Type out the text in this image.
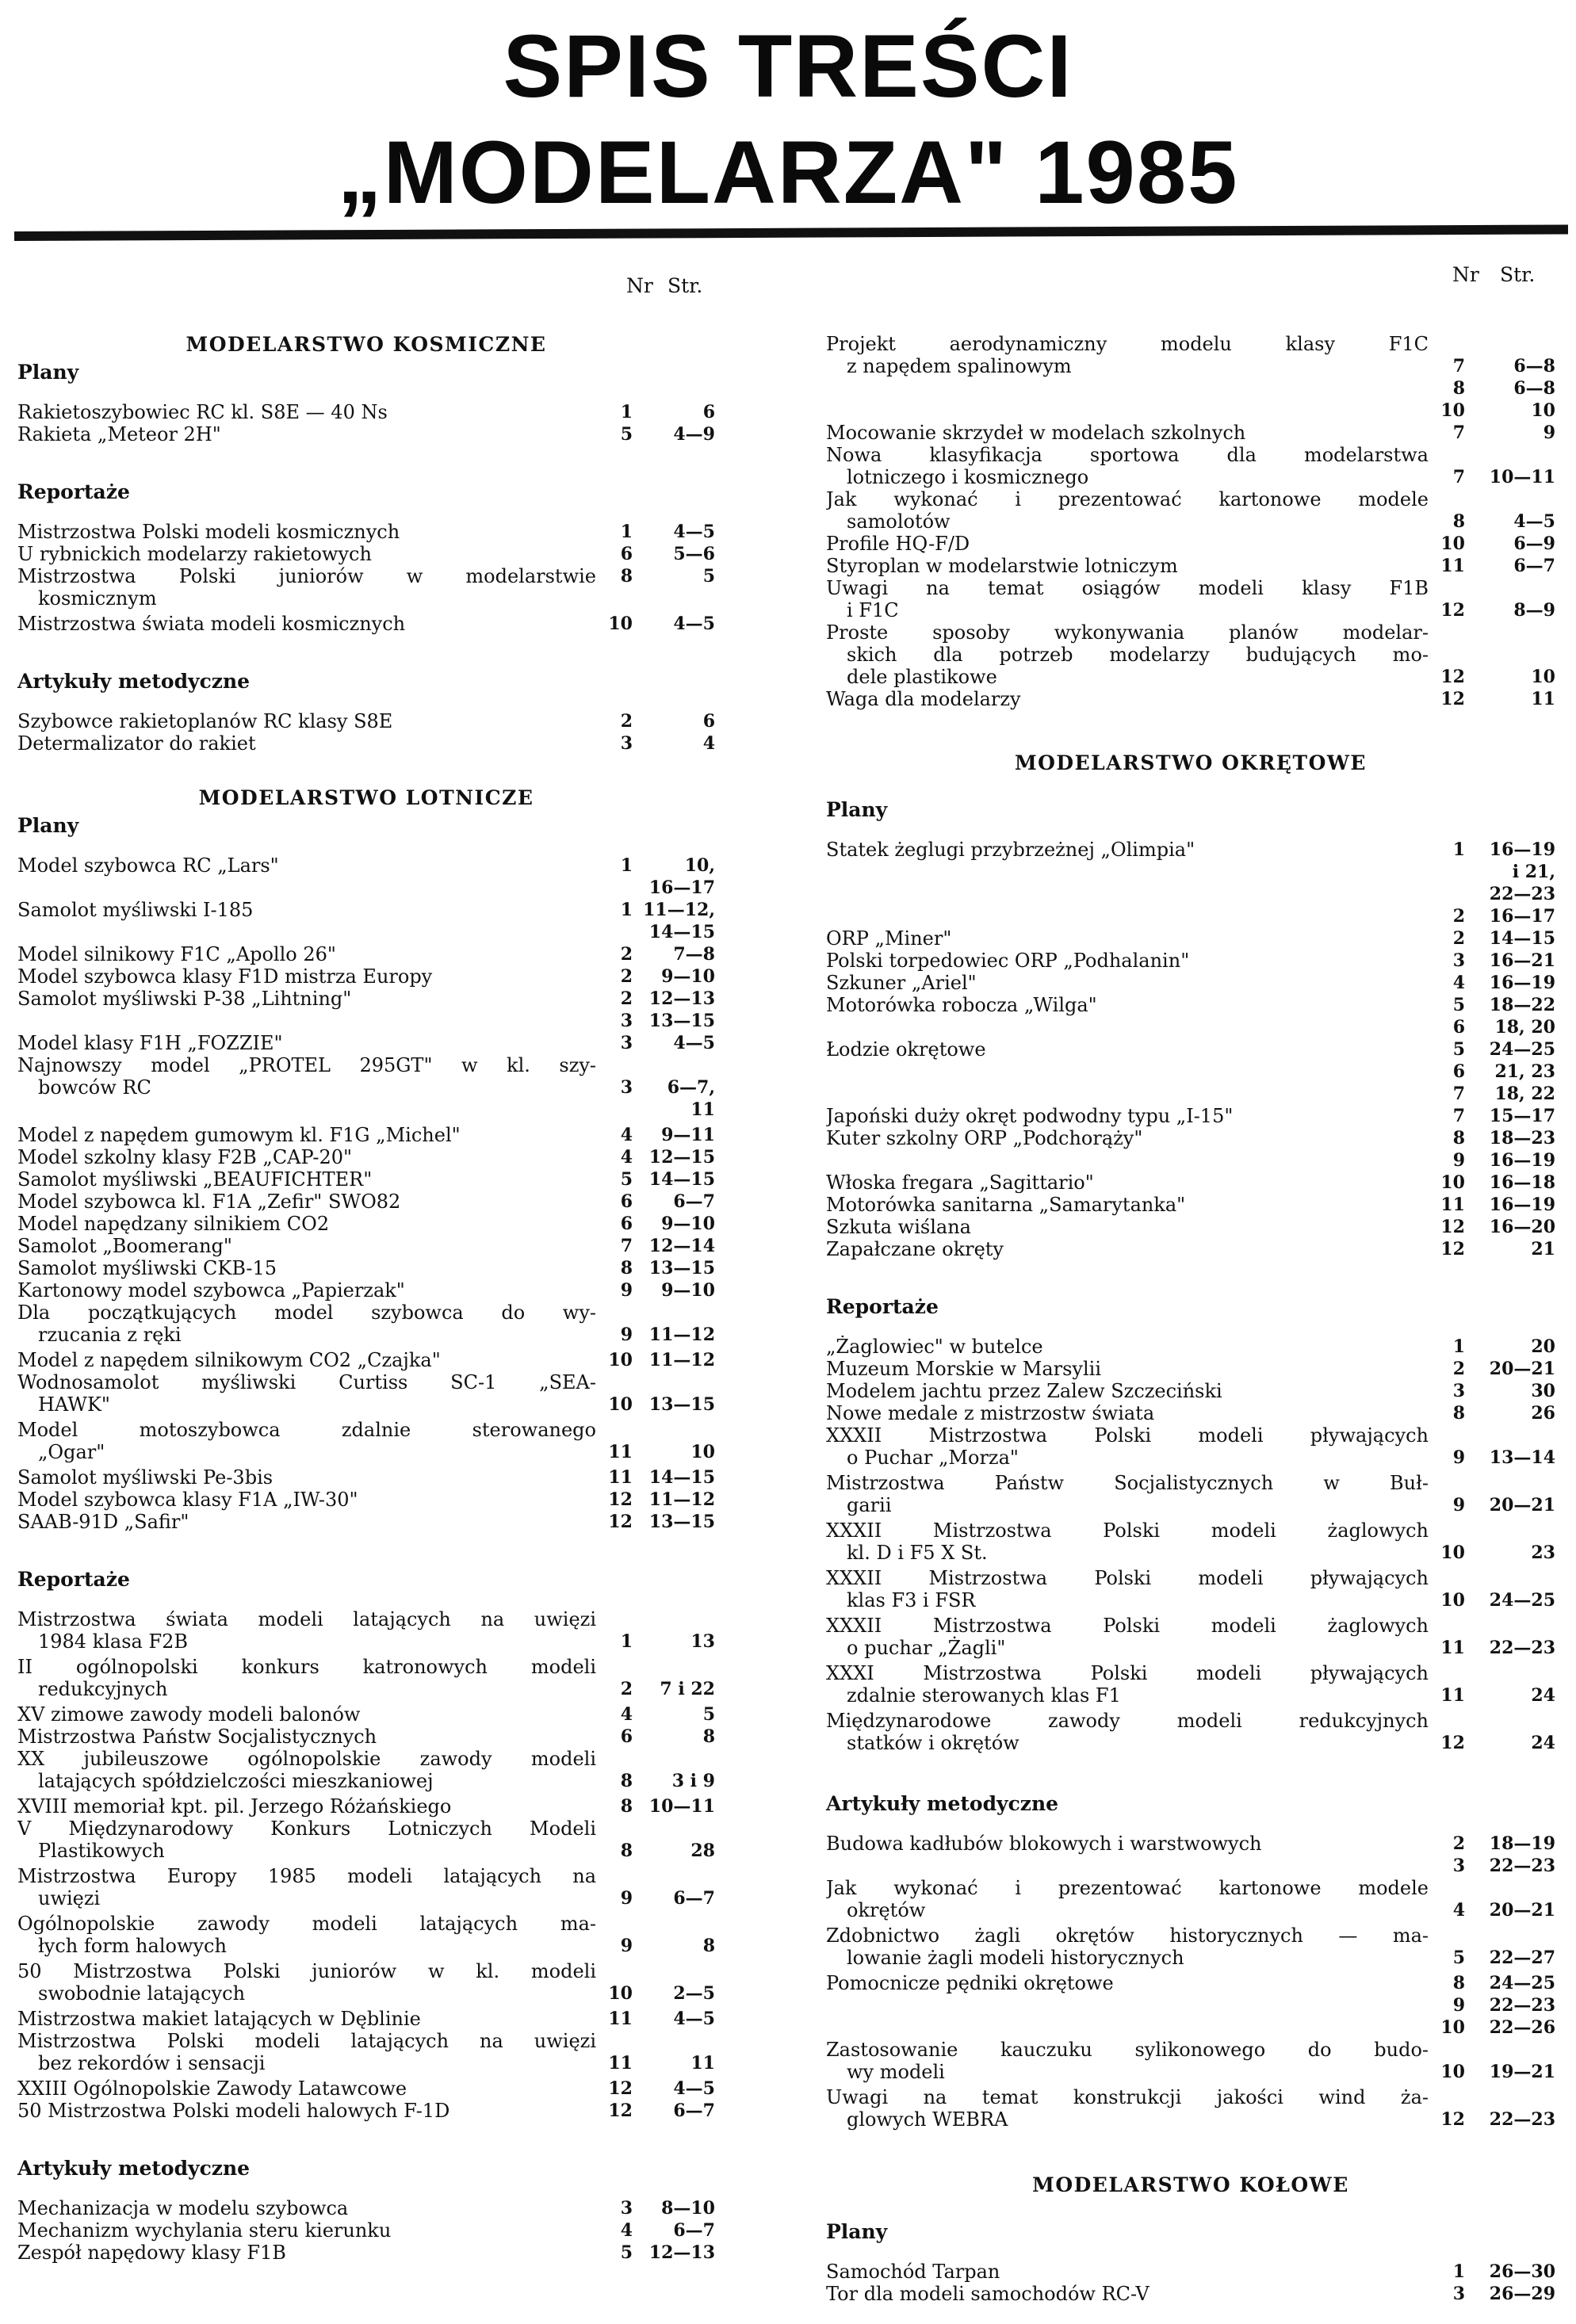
SPIS TREŚCI
„MODELARZA" 1985
Nr Str.
MODELARSTWO KOSMICZNE
Plany
Rakietoszybowiec RC kl. S8E — 40 Ns	1	6
Rakieta „Meteor 2H"	5	4—9
Reportaże
Mistrzostwa Polski modeli kosmicznych	1	4—5
U rybnickich modelarzy rakietowych	6	5—6
Mistrzostwa Polski juniorów w modelarstwie
kosmicznym
8	5
Mistrzostwa świata modeli kosmicznych	10	4—5
Artykuły metodyczne
Szybowce rakietoplanów RC klasy S8E	2	6
Determalizator do rakiet	3	4
MODELARSTWO LOTNICZE
Plany
Model szybowca RC „Lars"	1	10,
16—17
Samolot myśliwski I-185	1 11—12,
14—15
Model silnikowy F1C „Apollo 26"	2	7—8
Model szybowca klasy F1D mistrza Europy	2	9—10
Samolot myśliwski P-38 „Lihtning"	2 12—13
3 13—15
Model klasy F1H „FOZZIE"	3	4—5
Najnowszy model „PROTEL 295GT" w kl. szy-
bowców RC	3	6—7,
11
Model z napędem gumowym kl. F1G „Michel"	4	9—11
Model szkolny klasy F2B „CAP-20"	4 12—15
Samolot myśliwski „BEAUFICHTER"	5 14—15
Model szybowca kl. F1A „Zefir" SWO82	6	6—7
Model napędzany silnikiem CO2	6	9—10
Samolot „Boomerang"	7 12—14
Samolot myśliwski CKB-15	8 13—15
Kartonowy model szybowca „Papierzak"	9	9—10
Dla początkujących model szybowca do wy-
rzucania z ręki	9 11—12
Model z napędem silnikowym CO2 „Czajka"	10 11—12
Wodnosamolot myśliwski Curtiss SC-1 „SEA-
HAWK"	10 13—15
Model motoszybowca zdalnie sterowanego
„Ogar"	11	10
Samolot myśliwski Pe-3bis	11 14—15
Model szybowca klasy F1A „IW-30"	12 11—12
SAAB-91D „Safir"	12 13—15
Reportaże
Mistrzostwa świata modeli latających na uwięzi
1984 klasa F2B	1	13
II ogólnopolski konkurs katronowych modeli
redukcyjnych	2	7 i 22
XV zimowe zawody modeli balonów	4	5
Mistrzostwa Państw Socjalistycznych	6	8
XX jubileuszowe ogólnopolskie zawody modeli
latających spółdzielczości mieszkaniowej	8	3 i 9
XVIII memoriał kpt. pil. Jerzego Różańskiego	8 10—11
V Międzynarodowy Konkurs Lotniczych Modeli
Plastikowych	8	28
Mistrzostwa Europy 1985 modeli latających na
uwięzi	9	6—7
Ogólnopolskie zawody modeli latających ma-
łych form halowych	9	8
50 Mistrzostwa Polski juniorów w kl. modeli
swobodnie latających	10	2—5
Mistrzostwa makiet latających w Dęblinie	11	4—5
Mistrzostwa Polski modeli latających na uwięzi
bez rekordów i sensacji	11	11
XXIII Ogólnopolskie Zawody Latawcowe	12	4—5
50 Mistrzostwa Polski modeli halowych F-1D	12	6—7
Artykuły metodyczne
Mechanizacja w modelu szybowca	3	8—10
Mechanizm wychylania steru kierunku	4	6—7
Zespół napędowy klasy F1B	5 12—13
Nr Str.
Projekt aerodynamiczny modelu klasy F1C
z napędem spalinowym	7	6—8
8	6—8
10	10
Mocowanie skrzydeł w modelach szkolnych	7	9
Nowa klasyfikacja sportowa dla modelarstwa
lotniczego i kosmicznego	7	10—11
Jak wykonać i prezentować kartonowe modele
samolotów	8	4—5
Profile HQ-F/D	10	6—9
Styroplan w modelarstwie lotniczym	11	6—7
Uwagi na temat osiągów modeli klasy F1B
i F1C	12	8—9
Proste sposoby wykonywania planów modelar-
skich dla potrzeb modelarzy budujących mo-
dele plastikowe	12	10
Waga dla modelarzy	12	11
MODELARSTWO OKRĘTOWE
Plany
Statek żeglugi przybrzeżnej „Olimpia"	1	16—19
i 21,
22—23
2	16—17
ORP „Miner"	2	14—15
Polski torpedowiec ORP „Podhalanin"	3	16—21
Szkuner „Ariel"	4	16—19
Motorówka robocza „Wilga"	5	18—22
6	18, 20
Łodzie okrętowe	5	24—25
6	21, 23
7	18, 22
Japoński duży okręt podwodny typu „I-15"	7	15—17
Kuter szkolny ORP „Podchorąży"	8	18—23
9	16—19
Włoska fregara „Sagittario"	10	16—18
Motorówka sanitarna „Samarytanka"	11	16—19
Szkuta wiślana	12	16—20
Zapałczane okręty	12	21
Reportaże
„Żaglowiec" w butelce	1	20
Muzeum Morskie w Marsylii	2	20—21
Modelem jachtu przez Zalew Szczeciński	3	30
Nowe medale z mistrzostw świata	8	26
XXXII Mistrzostwa Polski modeli pływających
o Puchar „Morza"	9	13—14
Mistrzostwa Państw Socjalistycznych w Buł-
garii	9	20—21
XXXII Mistrzostwa Polski modeli żaglowych
kl. D i F5 X St.	10	23
XXXII Mistrzostwa Polski modeli pływających
klas F3 i FSR	10	24—25
XXXII Mistrzostwa Polski modeli żaglowych
o puchar „Żagli"	11	22—23
XXXI Mistrzostwa Polski modeli pływających
zdalnie sterowanych klas F1	11	24
Międzynarodowe zawody modeli redukcyjnych
statków i okrętów	12	24
Artykuły metodyczne
Budowa kadłubów blokowych i warstwowych	2	18—19
3	22—23
Jak wykonać i prezentować kartonowe modele
okrętów	4	20—21
Zdobnictwo żagli okrętów historycznych — ma-
lowanie żagli modeli historycznych	5	22—27
Pomocnicze pędniki okrętowe	8	24—25
9	22—23
10	22—26
Zastosowanie kauczuku sylikonowego do budo-
wy modeli	10	19—21
Uwagi na temat konstrukcji jakości wind ża-
glowych WEBRA	12	22—23
MODELARSTWO KOŁOWE
Plany
Samochód Tarpan	1	26—30
Tor dla modeli samochodów RC-V	3	26—29
